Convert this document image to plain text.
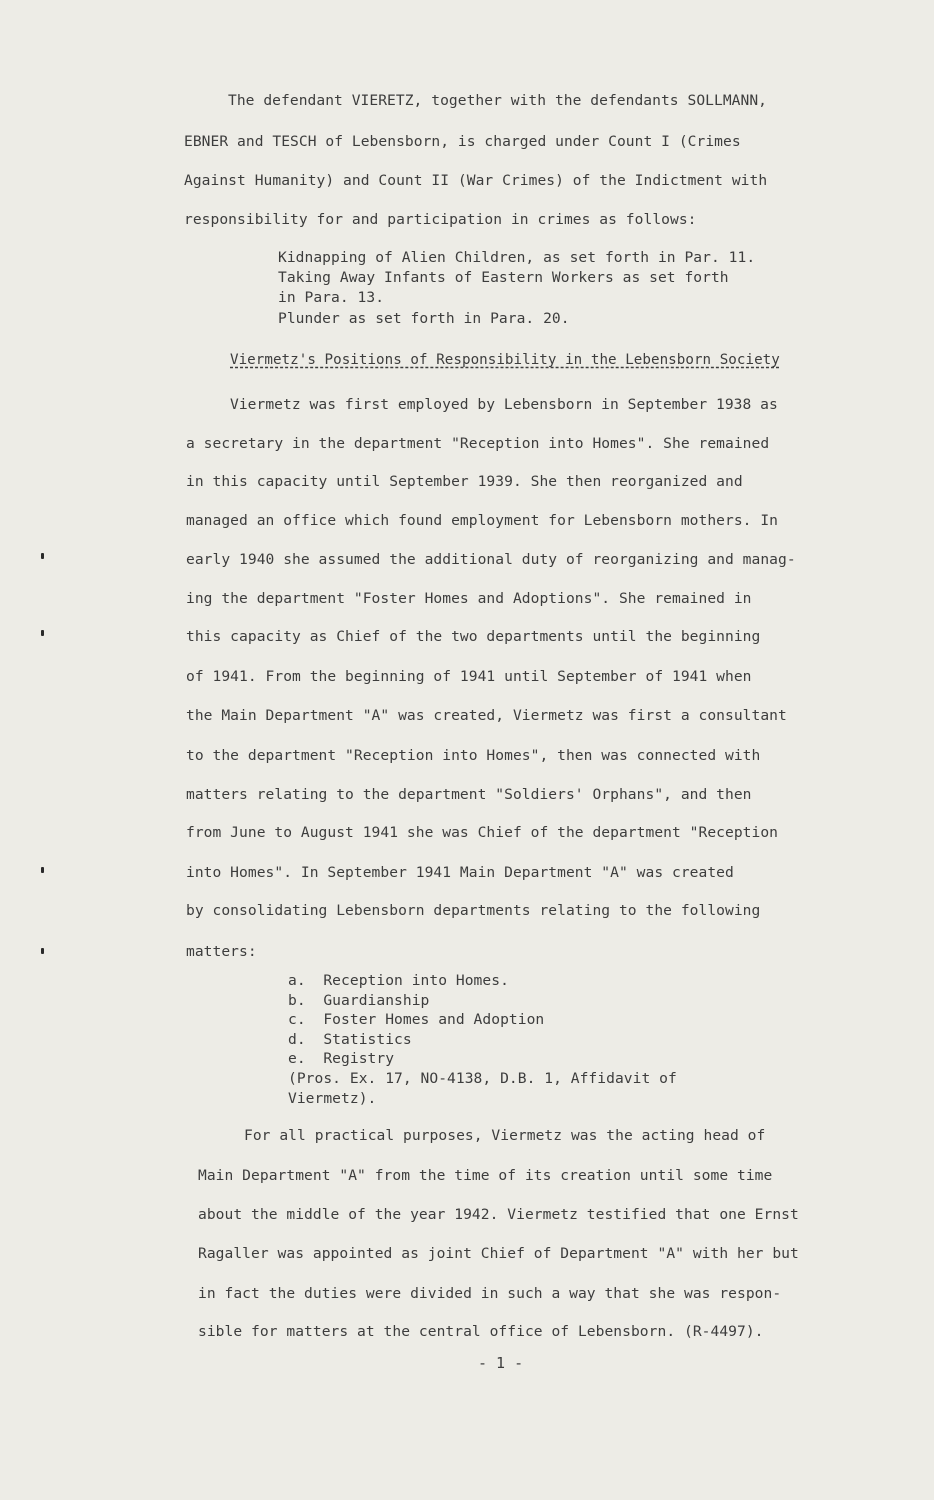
The defendant VIERETZ, together with the defendants SOLLMANN,
EBNER and TESCH of Lebensborn, is charged under Count I (Crimes
Against Humanity) and Count II (War Crimes) of the Indictment with
responsibility for and participation in crimes as follows:
Kidnapping of Alien Children, as set forth in Par. 11.
Taking Away Infants of Eastern Workers as set forth
in Para. 13.
Plunder as set forth in Para. 20.
Viermetz's Positions of Responsibility in the Lebensborn Society
Viermetz was first employed by Lebensborn in September 1938 as
a secretary in the department "Reception into Homes". She remained
in this capacity until September 1939. She then reorganized and
managed an office which found employment for Lebensborn mothers. In
early 1940 she assumed the additional duty of reorganizing and manag-
ing the department "Foster Homes and Adoptions". She remained in
this capacity as Chief of the two departments until the beginning
of 1941. From the beginning of 1941 until September of 1941 when
the Main Department "A" was created, Viermetz was first a consultant
to the department "Reception into Homes", then was connected with
matters relating to the department "Soldiers' Orphans", and then
from June to August 1941 she was Chief of the department "Reception
into Homes". In September 1941 Main Department "A" was created
by consolidating Lebensborn departments relating to the following
matters:
a.  Reception into Homes.
b.  Guardianship
c.  Foster Homes and Adoption
d.  Statistics
e.  Registry
(Pros. Ex. 17, NO-4138, D.B. 1, Affidavit of
Viermetz).
For all practical purposes, Viermetz was the acting head of
Main Department "A" from the time of its creation until some time
about the middle of the year 1942. Viermetz testified that one Ernst
Ragaller was appointed as joint Chief of Department "A" with her but
in fact the duties were divided in such a way that she was respon-
sible for matters at the central office of Lebensborn. (R-4497).
- 1 -
